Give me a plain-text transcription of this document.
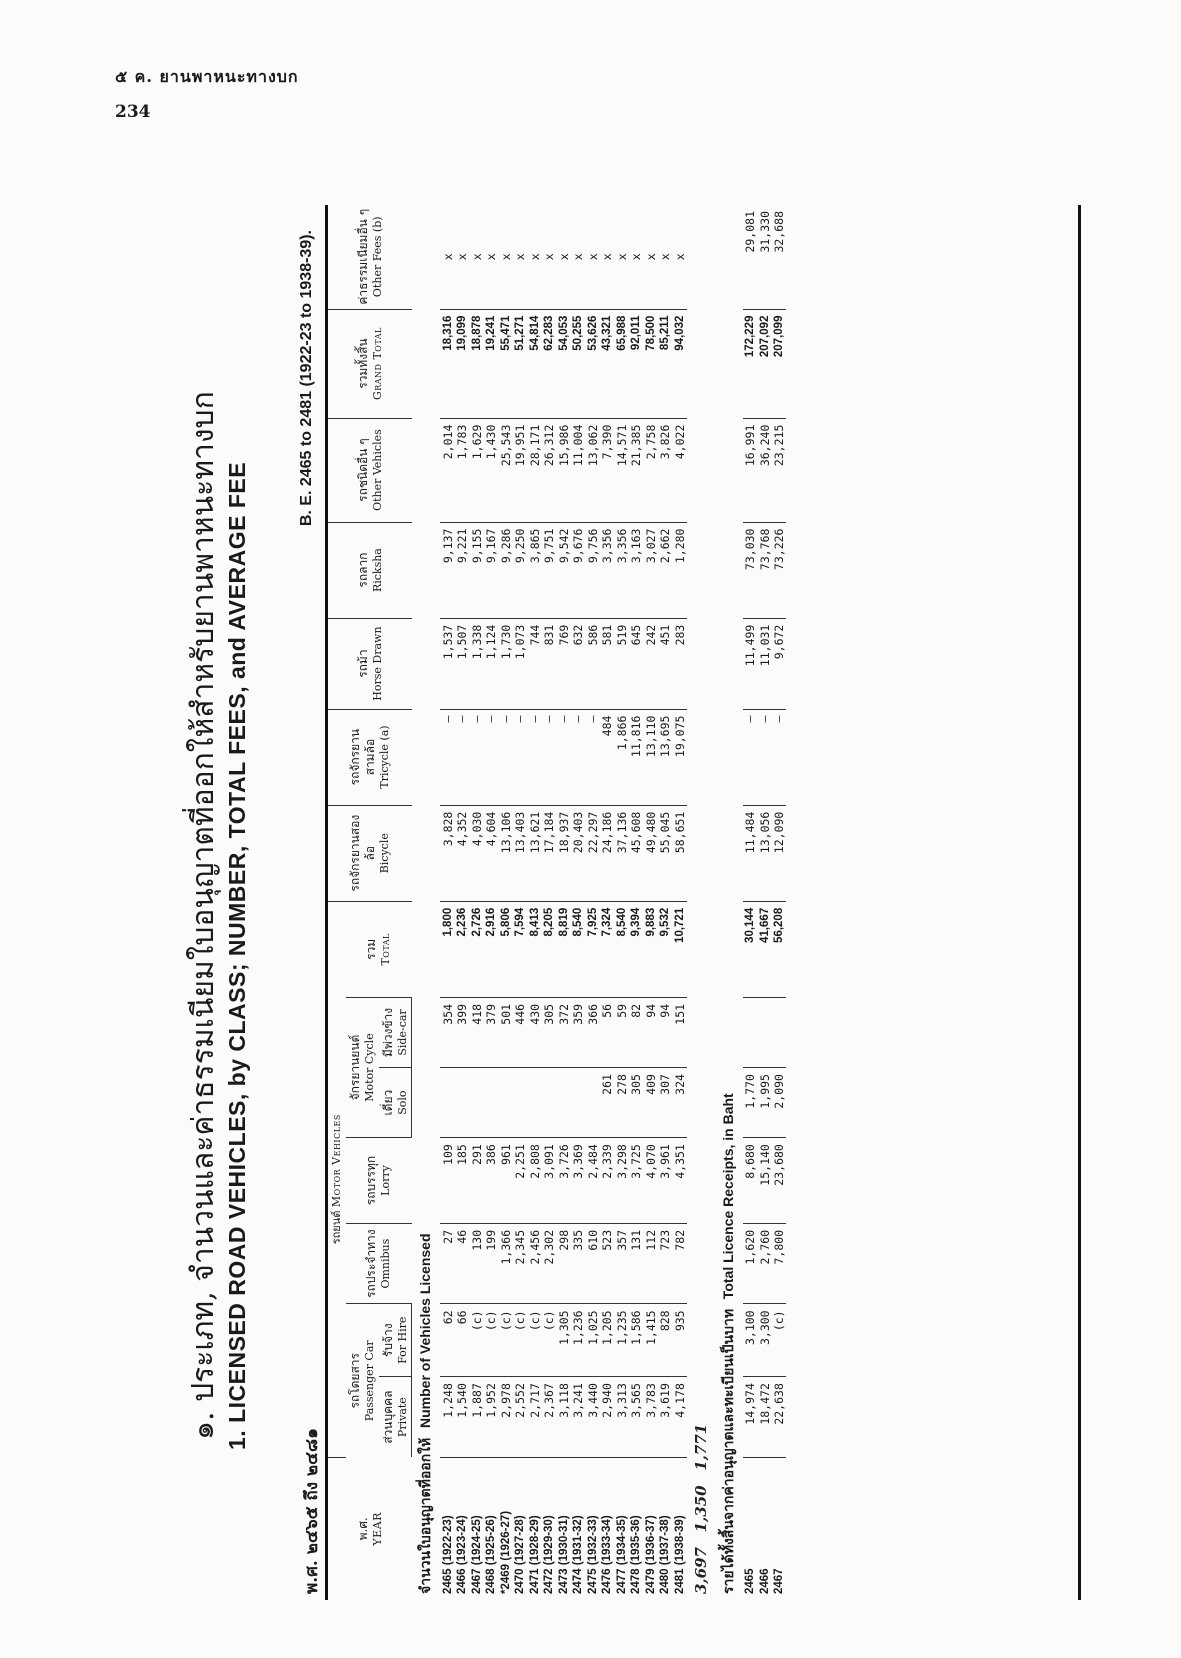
๕ ค. ยานพาหนะทางบก
234
๑. ประเภท, จำนวนและค่าธรรมเนียมใบอนุญาตที่ออกให้สำหรับยานพาหนะทางบก 1. LICENSED ROAD VEHICLES, by CLASS; NUMBER, TOTAL FEES, and AVERAGE FEE
พ.ศ. ๒๔๖๕ ถึง ๒๔๘๑
B. E. 2465 to 2481 (1922-23 to 1938-39).
พ.ศ. YEAR	รถยนต์ Motor Vehicles							รถจักรยานสองล้อ Bicycle	รถจักรยานสามล้อ Tricycle (a)	รถม้า Horse Drawn	รถลาก Ricksha	รถชนิดอื่น ๆ Other Vehicles	รวมทั้งสิ้น Grand Total	ค่าธรรมเนียมอื่น ๆ Other Fees (b)

	รถโดยสาร Passenger Car		รถประจำทาง Omnibus	รถบรรทุก Lorry	จักรยานยนต์ Motor Cycle		รวม Total							

	ส่วนบุคคล Private	รับจ้าง For Hire			เดี่ยว Solo	มีพ่วงข้าง Side-car								
จำนวนใบอนุญาตที่ออกให้  Number of Vehicles Licensed														
2465 (1922-23)	1,248	62	27	109		354	1,800	3,828	—	1,537	9,137	2,014	18,316	x
2466 (1923-24)	1,540	66	46	185		399	2,236	4,352	—	1,507	9,221	1,783	19,099	x
2467 (1924-25)	1,887	(c)	130	291		418	2,726	4,030	—	1,338	9,155	1,629	18,878	x
2468 (1925-26)	1,952	(c)	199	386		379	2,916	4,604	—	1,124	9,167	1,430	19,241	x
*2469 (1926-27)	2,978	(c)	1,366	961		501	5,806	13,106	—	1,730	9,286	25,543	55,471	x
2470 (1927-28)	2,552	(c)	2,345	2,251		446	7,594	13,403	—	1,073	9,250	19,951	51,271	x
2471 (1928-29)	2,717	(c)	2,456	2,808		430	8,413	13,621	—	744	3,865	28,171	54,814	x
2472 (1929-30)	2,367	(c)	2,302	3,091		305	8,205	17,184	—	831	9,751	26,312	62,283	x
2473 (1930-31)	3,118	1,305	298	3,726		372	8,819	18,937	—	769	9,542	15,986	54,053	x
2474 (1931-32)	3,241	1,236	335	3,369		359	8,540	20,403	—	632	9,676	11,004	50,255	x
2475 (1932-33)	3,440	1,025	610	2,484		366	7,925	22,297	—	586	9,756	13,062	53,626	x
2476 (1933-34)	2,940	1,205	523	2,339	261	56	7,324	24,186	484	581	3,356	7,390	43,321	x
2477 (1934-35)	3,313	1,235	357	3,298	278	59	8,540	37,136	1,866	519	3,356	14,571	65,988	x
2478 (1935-36)	3,565	1,586	131	3,725	305	82	9,394	45,608	11,816	645	3,163	21,385	92,011	x
2479 (1936-37)	3,783	1,415	112	4,070	409	94	9,883	49,480	13,110	242	3,027	2,758	78,500	x
2480 (1937-38)	3,619	828	723	3,961	307	94	9,532	55,045	13,695	451	2,662	3,826	85,211	x
2481 (1938-39)	4,178	935	782	4,351	324	151	10,721	58,651	19,075	283	1,280	4,022	94,032	x
3,697   1,350   1,771														
รายได้ทั้งสิ้นจากค่าอนุญาตและทะเบียนเป็นบาท  Total Licence Receipts, in Baht														
2465	14,974	3,100	1,620	8,680	1,770		30,144	11,484	—	11,499	73,030	16,991	172,229	29,081
2466	18,472	3,300	2,760	15,140	1,995		41,667	13,056	—	11,031	73,768	36,240	207,092	31,330
2467	22,638	(c)	7,800	23,680	2,090		56,208	12,090	—	9,672	73,226	23,215	207,099	32,688
